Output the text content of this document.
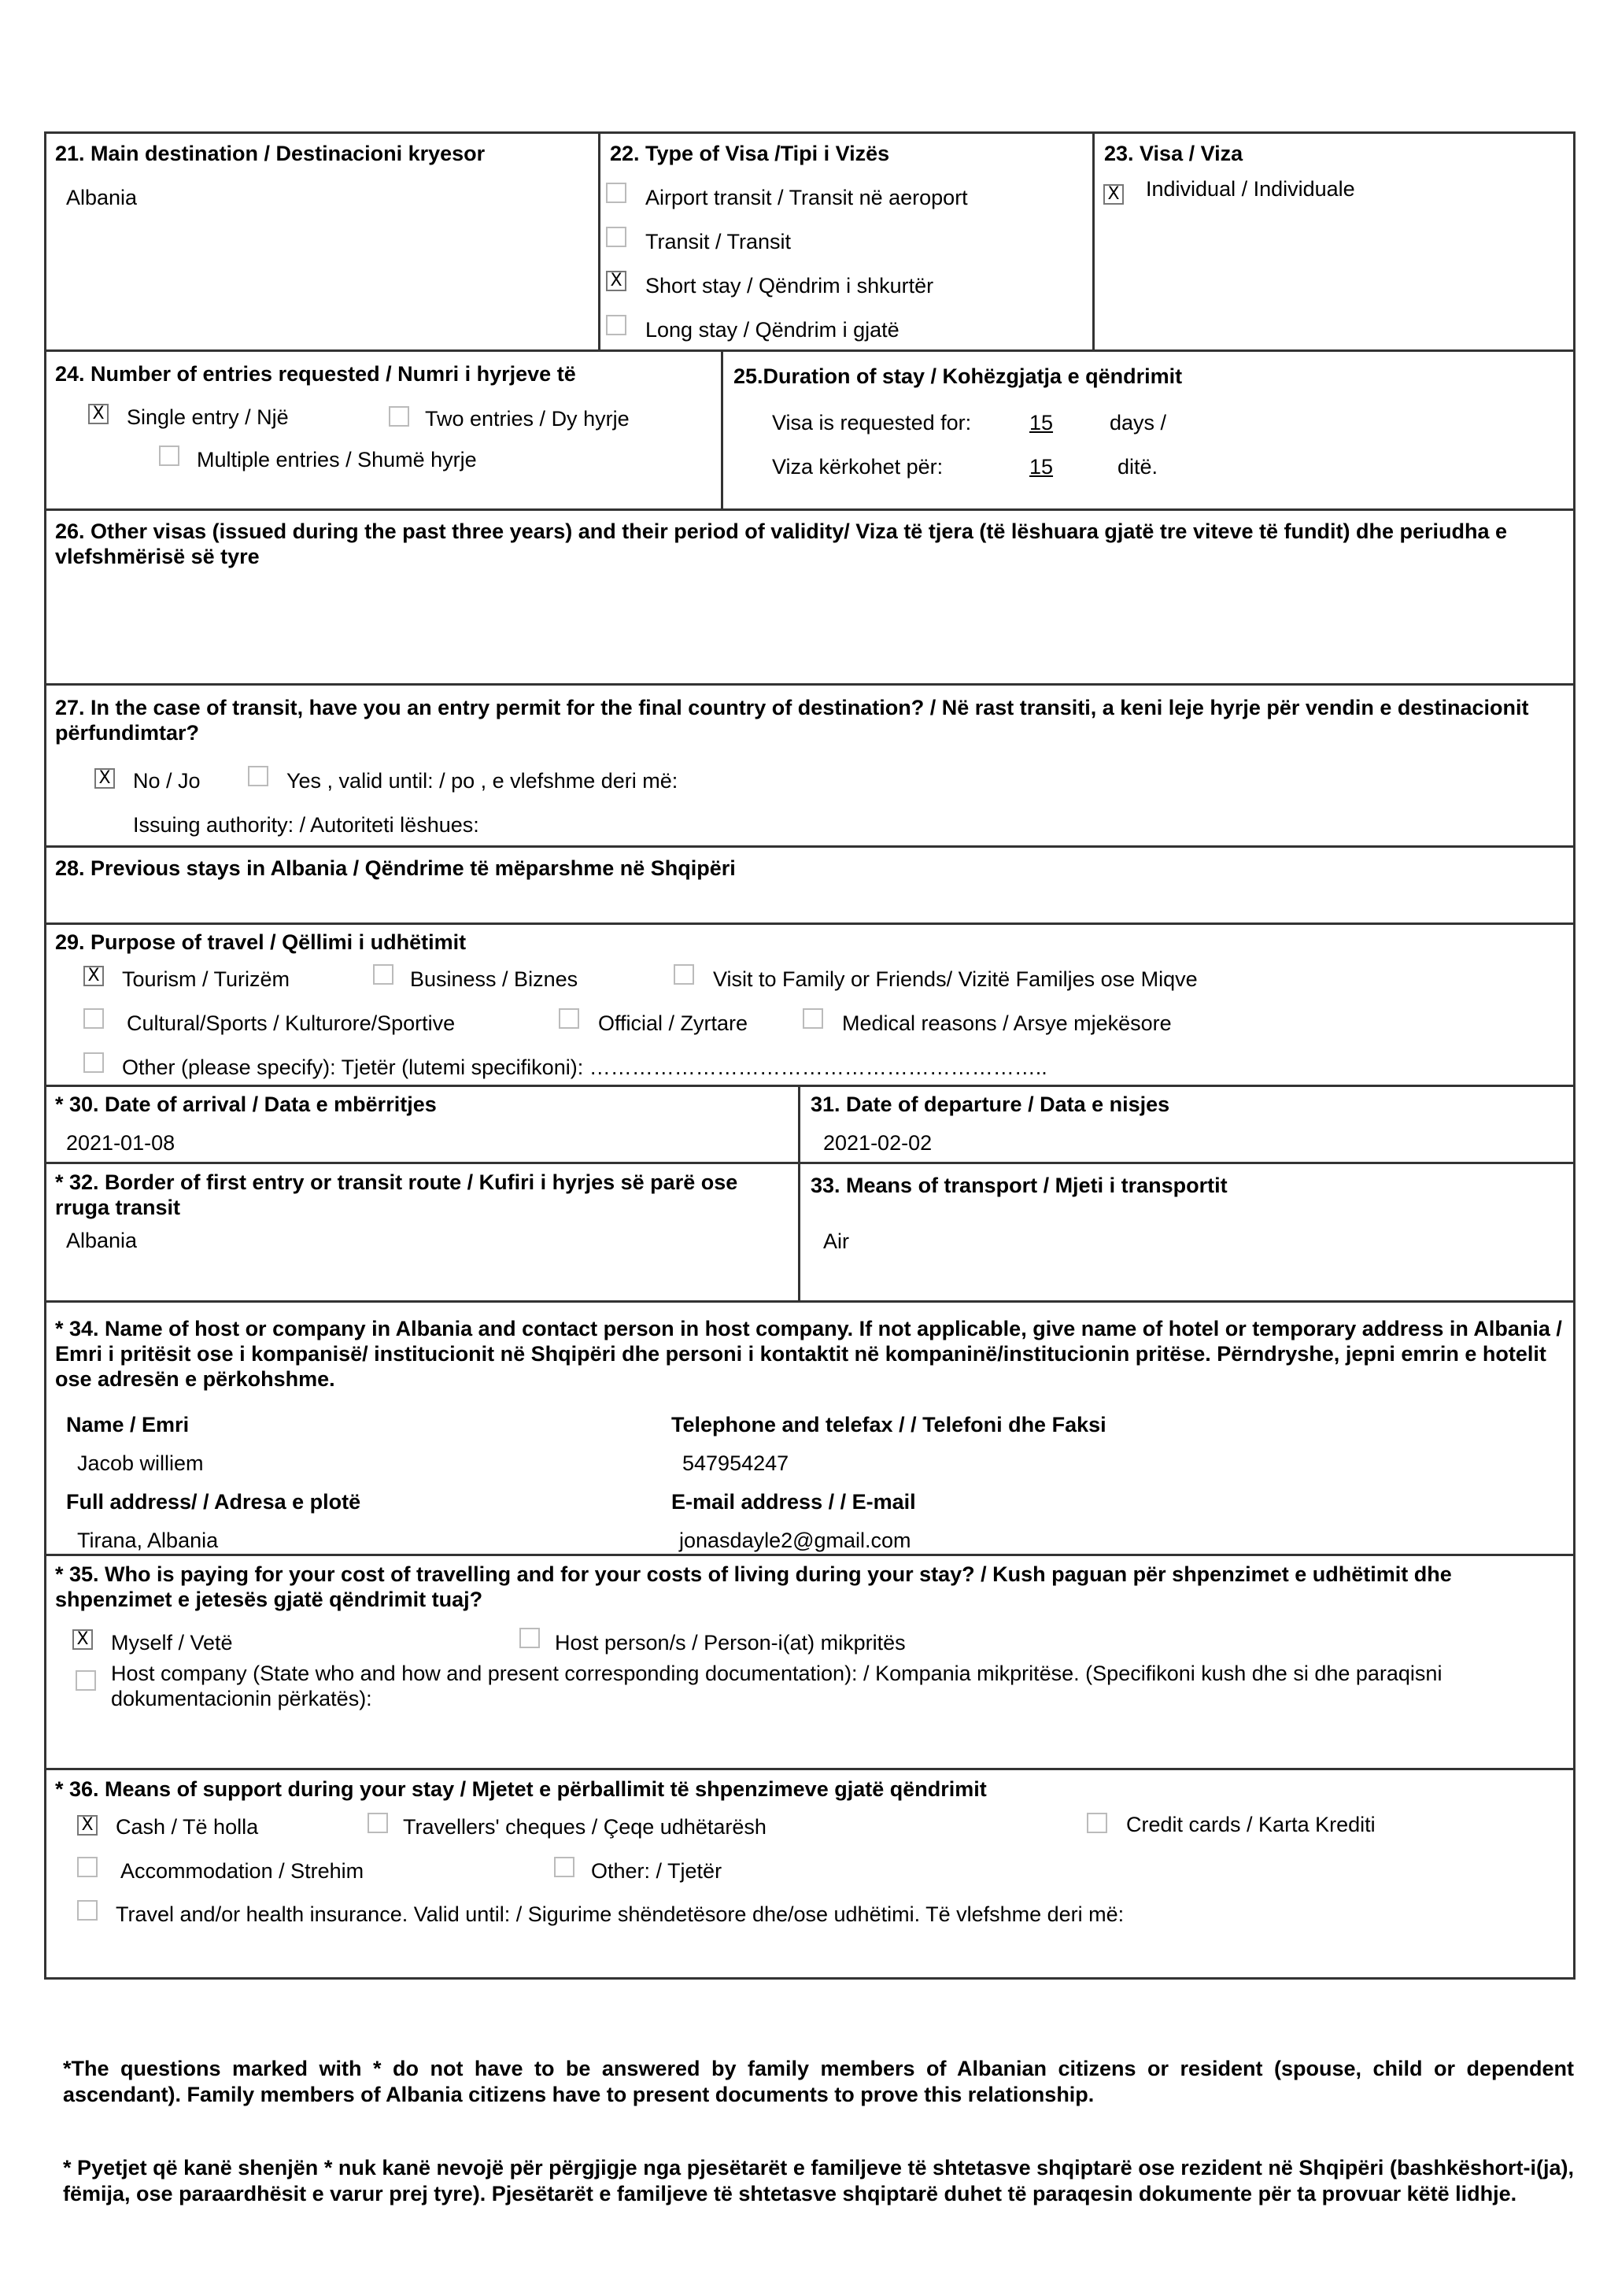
21. Main destination / Destinacioni kryesor
Albania
22. Type of Visa /Tipi i Vizës
Airport transit / Transit në aeroport
Transit / Transit
X Short stay / Qëndrim i shkurtër
Long stay / Qëndrim i gjatë
23. Visa / Viza
X Individual / Individuale
24. Number of entries requested / Numri i hyrjeve të
X Single entry / Një	Two entries / Dy hyrje
Multiple entries / Shumë hyrje
25.Duration of stay / Kohëzgjatja e qëndrimit
Visa is requested for:	15	days /
Viza kërkohet për:	15	ditë.
26. Other visas (issued during the past three years) and their period of validity/ Viza të tjera (të lëshuara gjatë tre viteve të fundit) dhe periudha e vlefshmërisë së tyre
27. In the case of transit, have you an entry permit for the final country of destination? / Në rast transiti, a keni leje hyrje për vendin e destinacionit përfundimtar?
X No / Jo	Yes , valid until: / po , e vlefshme deri më:
Issuing authority: / Autoriteti lëshues:
28. Previous stays in Albania / Qëndrime të mëparshme në Shqipëri
29. Purpose of travel / Qëllimi i udhëtimit
X Tourism / Turizëm	Business / Biznes	Visit to Family or Friends/ Vizitë Familjes ose Miqve
Cultural/Sports / Kulturore/Sportive	Official / Zyrtare	Medical reasons / Arsye mjekësore
Other (please specify): Tjetër (lutemi specifikoni): ………………………………………………………..
* 30. Date of arrival / Data e mbërritjes
2021-01-08
31. Date of departure / Data e nisjes
2021-02-02
* 32. Border of first entry or transit route / Kufiri i hyrjes së parë ose rruga transit
Albania
33. Means of transport / Mjeti i transportit
Air
* 34. Name of host or company in Albania and contact person in host company. If not applicable, give name of hotel or temporary address in Albania / Emri i pritësit ose i kompanisë/ institucionit në Shqipëri dhe personi i kontaktit në kompaninë/institucionin pritëse. Përndryshe, jepni emrin e hotelit ose adresën e përkohshme.
Name / Emri
Jacob williem
Telephone and telefax / / Telefoni dhe Faksi
547954247
Full address/ / Adresa e plotë
Tirana, Albania
E-mail address / / E-mail
jonasdayle2@gmail.com
* 35. Who is paying for your cost of travelling and for your costs of living during your stay? / Kush paguan për shpenzimet e udhëtimit dhe shpenzimet e jetesës gjatë qëndrimit tuaj?
X Myself / Vetë	Host person/s / Person-i(at) mikpritës
Host company (State who and how and present corresponding documentation): / Kompania mikpritëse. (Specifikoni kush dhe si dhe paraqisni dokumentacionin përkatës):
* 36. Means of support during your stay / Mjetet e përballimit të shpenzimeve gjatë qëndrimit
X Cash / Të holla	Travellers' cheques / Çeqe udhëtarësh	Credit cards / Karta Krediti
Accommodation / Strehim	Other: / Tjetër
Travel and/or health insurance. Valid until: / Sigurime shëndetësore dhe/ose udhëtimi. Të vlefshme deri më:
*The questions marked with * do not have to be answered by family members of Albanian citizens or resident (spouse, child or dependent ascendant). Family members of Albania citizens have to present documents to prove this relationship.
* Pyetjet që kanë shenjën * nuk kanë nevojë për përgjigje nga pjesëtarët e familjeve të shtetasve shqiptarë ose rezident në Shqipëri (bashkëshort-i(ja), fëmija, ose paraardhësit e varur prej tyre). Pjesëtarët e familjeve të shtetasve shqiptarë duhet të paraqesin dokumente për ta provuar këtë lidhje.
